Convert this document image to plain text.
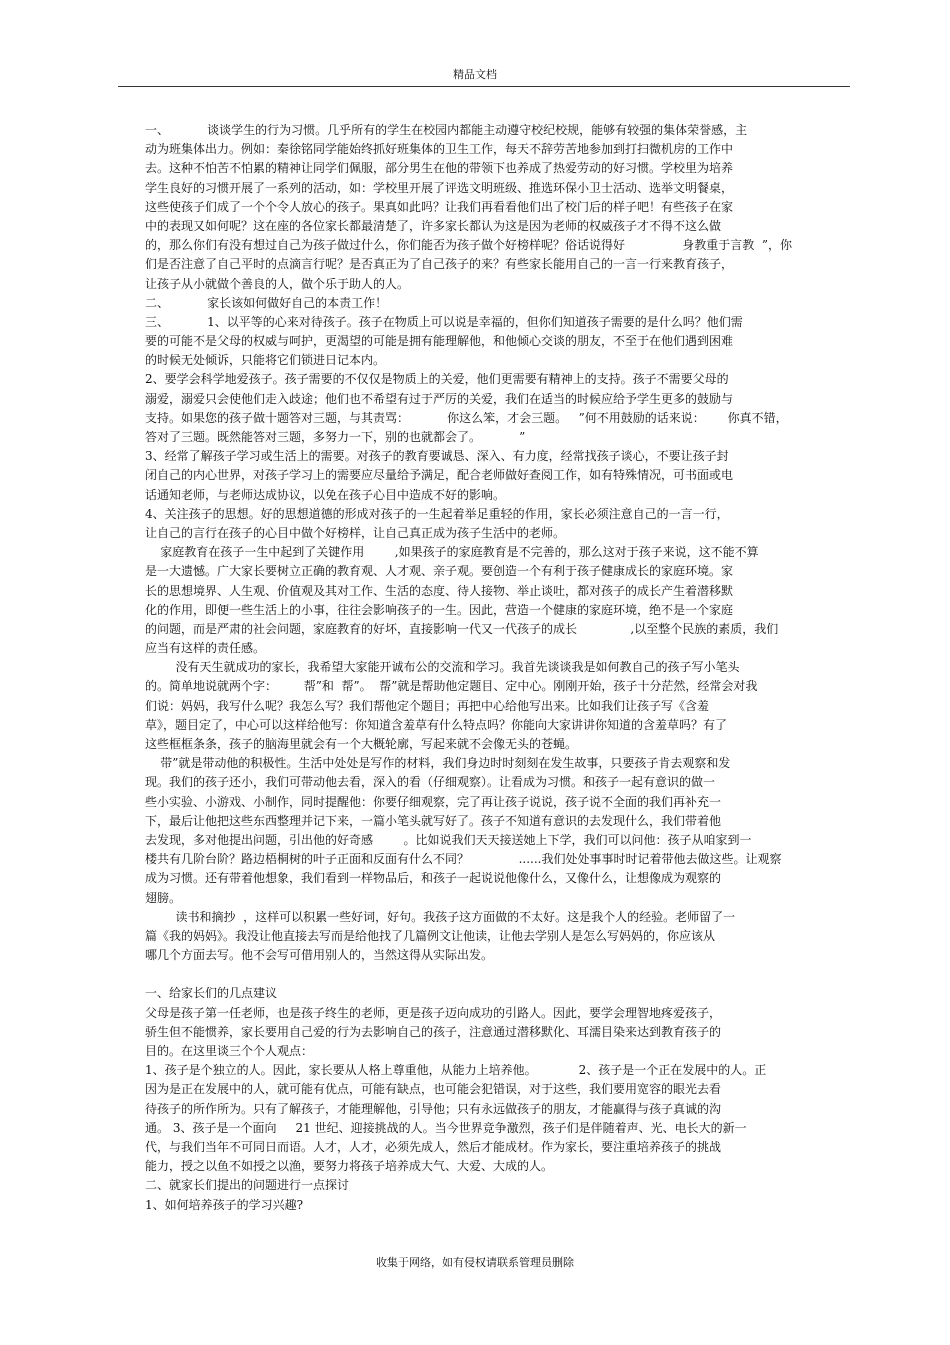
精品文档
一、          谈谈学生的行为习惯。几乎所有的学生在校园内都能主动遵守校纪校规，能够有较强的集体荣誉感，主
动为班集体出力。例如：秦徐铭同学能始终抓好班集体的卫生工作，每天不辞劳苦地参加到打扫微机房的工作中
去。这种不怕苦不怕累的精神让同学们佩服，部分男生在他的带领下也养成了热爱劳动的好习惯。学校里为培养
学生良好的习惯开展了一系列的活动，如：学校里开展了评选文明班级、推选环保小卫士活动、选举文明餐桌，
这些使孩子们成了一个个令人放心的孩子。果真如此吗？让我们再看看他们出了校门后的样子吧！有些孩子在家
中的表现又如何呢？这在座的各位家长都最清楚了，许多家长都认为这是因为老师的权威孩子才不得不这么做
的，那么你们有没有想过自己为孩子做过什么，你们能否为孩子做个好榜样呢？俗话说得好               身教重于言教  ”，你
们是否注意了自己平时的点滴言行呢？是否真正为了自己孩子的来？有些家长能用自己的一言一行来教育孩子，
让孩子从小就做个善良的人，做个乐于助人的人。
二、          家长该如何做好自己的本责工作！
三、          1、以平等的心来对待孩子。孩子在物质上可以说是幸福的，但你们知道孩子需要的是什么吗？他们需
要的可能不是父母的权威与呵护，更渴望的可能是拥有能理解他，和他倾心交谈的朋友，不至于在他们遇到困难
的时候无处倾诉，只能将它们锁进日记本内。
2、要学会科学地爱孩子。孩子需要的不仅仅是物质上的关爱，他们更需要有精神上的支持。孩子不需要父母的
溺爱，溺爱只会使他们走入歧途；他们也不希望有过于严厉的关爱，我们在适当的时候应给予学生更多的鼓励与
支持。如果您的孩子做十题答对三题，与其责骂：          你这么笨，才会三题。   ”何不用鼓励的话来说：      你真不错，
答对了三题。既然能答对三题，多努力一下，别的也就都会了。          ”
3、经常了解孩子学习或生活上的需要。对孩子的教育要诚恳、深入、有力度，经常找孩子谈心，不要让孩子封
闭自己的内心世界，对孩子学习上的需要应尽量给予满足，配合老师做好查阅工作，如有特殊情况，可书面或电
话通知老师，与老师达成协议，以免在孩子心目中造成不好的影响。
4、关注孩子的思想。好的思想道德的形成对孩子的一生起着举足重轻的作用，家长必须注意自己的一言一行，
让自己的言行在孩子的心目中做个好榜样，让自己真正成为孩子生活中的老师。
家庭教育在孩子一生中起到了关键作用        ,如果孩子的家庭教育是不完善的，那么这对于孩子来说，这不能不算
是一大遗憾。广大家长要树立正确的教育观、人才观、亲子观。要创造一个有利于孩子健康成长的家庭环境。家
长的思想境界、人生观、价值观及其对工作、生活的态度、待人接物、举止谈吐，都对孩子的成长产生着潜移默
化的作用，即便一些生活上的小事，往往会影响孩子的一生。因此，营造一个健康的家庭环境，绝不是一个家庭
的问题，而是严肃的社会问题，家庭教育的好坏，直接影响一代又一代孩子的成长              ,以至整个民族的素质，我们
应当有这样的责任感。
没有天生就成功的家长，我希望大家能开诚布公的交流和学习。我首先谈谈我是如何教自己的孩子写小笔头
的。简单地说就两个字：       帮”和  帮”。  帮”就是帮助他定题目、定中心。刚刚开始，孩子十分茫然，经常会对我
们说：妈妈，我写什么呢？我怎么写？我们帮他定个题目；再把中心给他写出来。比如我们让孩子写《含羞
草》，题目定了，中心可以这样给他写：你知道含羞草有什么特点吗？你能向大家讲讲你知道的含羞草吗？有了
这些框框条条，孩子的脑海里就会有一个大概轮廓，写起来就不会像无头的苍蝇。
带”就是带动他的积极性。生活中处处是写作的材料，我们身边时时刻刻在发生故事，只要孩子肯去观察和发
现。我们的孩子还小，我们可带动他去看，深入的看（仔细观察）。让看成为习惯。和孩子一起有意识的做一
些小实验、小游戏、小制作，同时提醒他：你要仔细观察，完了再让孩子说说，孩子说不全面的我们再补充一
下，最后让他把这些东西整理并记下来，一篇小笔头就写好了。孩子不知道有意识的去发现什么，我们带着他
去发现，多对他提出问题，引出他的好奇感        。比如说我们天天接送她上下学，我们可以问他：孩子从咱家到一
楼共有几阶台阶？路边梧桐树的叶子正面和反面有什么不同？             ......我们处处事事时时记着带他去做这些。让观察
成为习惯。还有带着他想象，我们看到一样物品后，和孩子一起说说他像什么，又像什么，让想像成为观察的
翅膀。
读书和摘抄  ，这样可以积累一些好词，好句。我孩子这方面做的不太好。这是我个人的经验。老师留了一
篇《我的妈妈》。我没让他直接去写而是给他找了几篇例文让他读，让他去学别人是怎么写妈妈的，你应该从
哪几个方面去写。他不会写可借用别人的，当然这得从实际出发。
一、给家长们的几点建议
父母是孩子第一任老师，也是孩子终生的老师，更是孩子迈向成功的引路人。因此，要学会理智地疼爱孩子，
骄生但不能惯养，家长要用自己爱的行为去影响自己的孩子，注意通过潜移默化、耳濡目染来达到教育孩子的
目的。在这里谈三个个人观点：
1、孩子是个独立的人。因此，家长要从人格上尊重他，从能力上培养他。           2、孩子是一个正在发展中的人。正
因为是正在发展中的人，就可能有优点，可能有缺点，也可能会犯错误，对于这些，我们要用宽容的眼光去看
待孩子的所作所为。只有了解孩子，才能理解他，引导他；只有永远做孩子的朋友，才能赢得与孩子真诚的沟
通。 3、孩子是一个面向     21 世纪、迎接挑战的人。当今世界竞争激烈，孩子们是伴随着声、光、电长大的新一
代，与我们当年不可同日而语。人才，人才，必须先成人，然后才能成材。作为家长，要注重培养孩子的挑战
能力，授之以鱼不如授之以渔，要努力将孩子培养成大气、大爱、大成的人。
二、就家长们提出的问题进行一点探讨
1、如何培养孩子的学习兴趣?
收集于网络，如有侵权请联系管理员删除
